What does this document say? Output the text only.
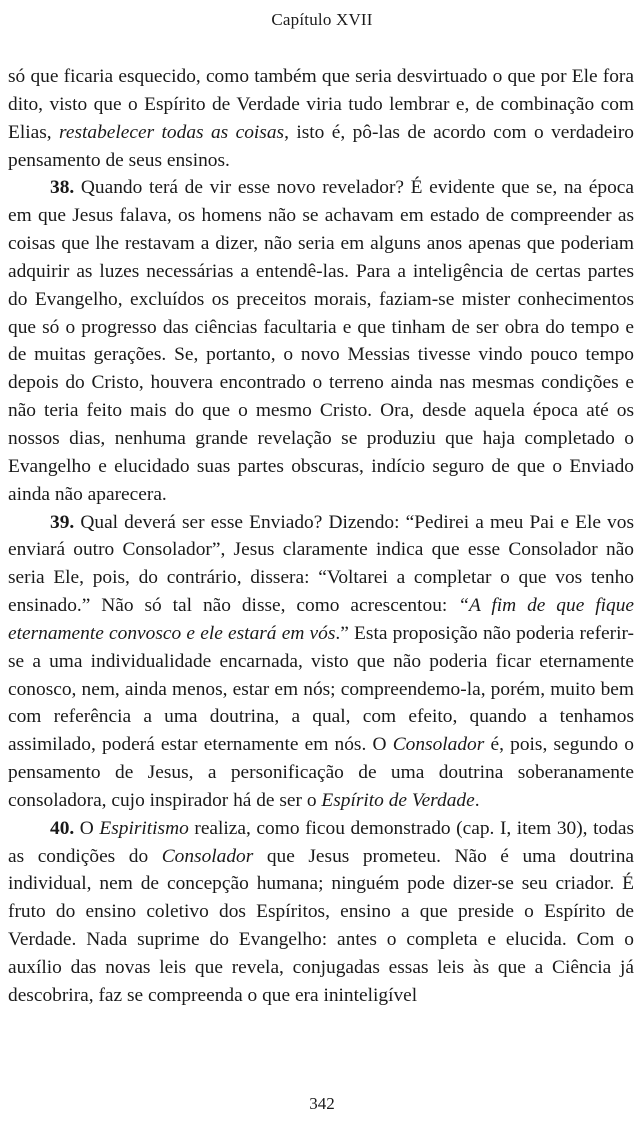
Capítulo XVII

só que ficaria esquecido, como também que seria desvirtuado o que por Ele fora dito, visto que o Espírito de Verdade viria tudo lembrar e, de combinação com Elias, restabelecer todas as coisas, isto é, pô-las de acordo com o verdadeiro pensamento de seus ensinos.

38. Quando terá de vir esse novo revelador? É evidente que se, na época em que Jesus falava, os homens não se achavam em estado de compreender as coisas que lhe restavam a dizer, não seria em alguns anos apenas que poderiam adquirir as luzes necessárias a entendê-las. Para a inteligência de certas partes do Evangelho, excluídos os preceitos morais, faziam-se mister conhecimentos que só o progresso das ciências facultaria e que tinham de ser obra do tempo e de muitas gerações. Se, portanto, o novo Messias tivesse vindo pouco tempo depois do Cristo, houvera encontrado o terreno ainda nas mesmas condições e não teria feito mais do que o mesmo Cristo. Ora, desde aquela época até os nossos dias, nenhuma grande revelação se produziu que haja completado o Evangelho e elucidado suas partes obscuras, indício seguro de que o Enviado ainda não aparecera.

39. Qual deverá ser esse Enviado? Dizendo: “Pedirei a meu Pai e Ele vos enviará outro Consolador”, Jesus claramente indica que esse Consolador não seria Ele, pois, do contrário, dissera: “Voltarei a completar o que vos tenho ensinado.” Não só tal não disse, como acrescentou: “A fim de que fique eternamente convosco e ele estará em vós.” Esta proposição não poderia referir-se a uma individualidade encarnada, visto que não poderia ficar eternamente conosco, nem, ainda menos, estar em nós; compreendemo-la, porém, muito bem com referência a uma doutrina, a qual, com efeito, quando a tenhamos assimilado, poderá estar eternamente em nós. O Consolador é, pois, segundo o pensamento de Jesus, a personificação de uma doutrina soberanamente consoladora, cujo inspirador há de ser o Espírito de Verdade.

40. O Espiritismo realiza, como ficou demonstrado (cap. I, item 30), todas as condições do Consolador que Jesus prometeu. Não é uma doutrina individual, nem de concepção humana; ninguém pode dizer-se seu criador. É fruto do ensino coletivo dos Espíritos, ensino a que preside o Espírito de Verdade. Nada suprime do Evangelho: antes o completa e elucida. Com o auxílio das novas leis que revela, conjugadas essas leis às que a Ciência já descobrira, faz se compreenda o que era ininteligível

342
